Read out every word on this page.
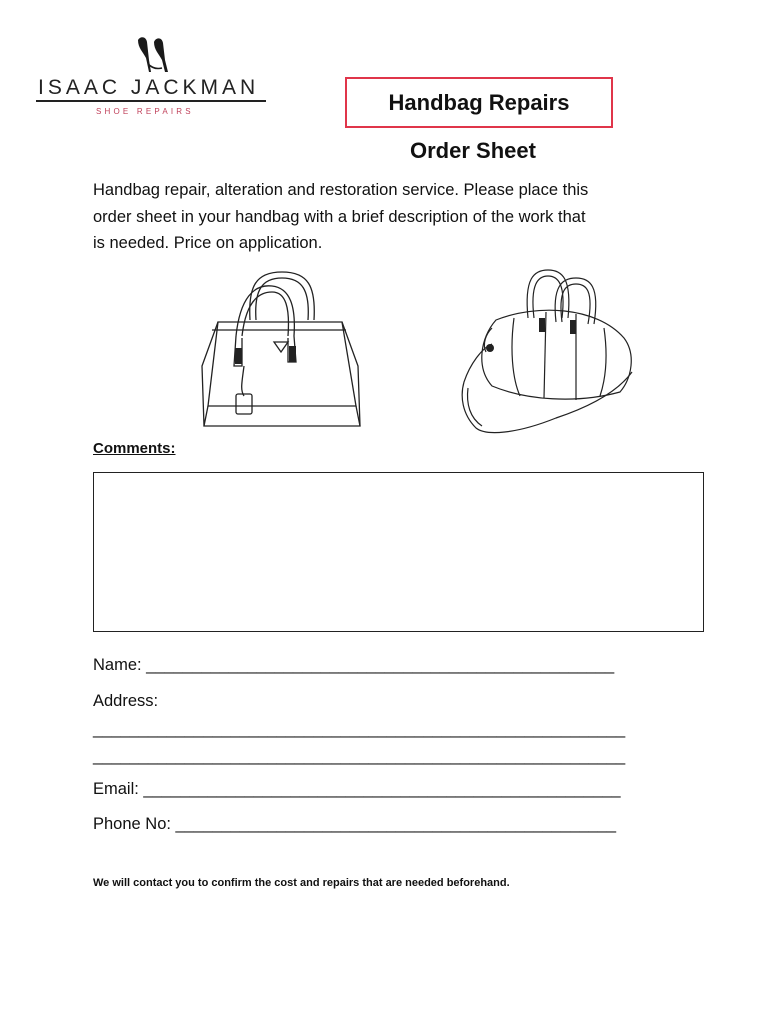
ISAAC JACKMAN
SHOE REPAIRS	Handbag Repairs
Order Sheet
Handbag repair, alteration and restoration service. Please place this
order sheet in your handbag with a brief description of the work that
is needed. Price on application.
Comments:
Name: ___________________________________________________
Address:
__________________________________________________________
__________________________________________________________
Email: ____________________________________________________
Phone No: ________________________________________________
We will contact you to confirm the cost and repairs that are needed beforehand.
